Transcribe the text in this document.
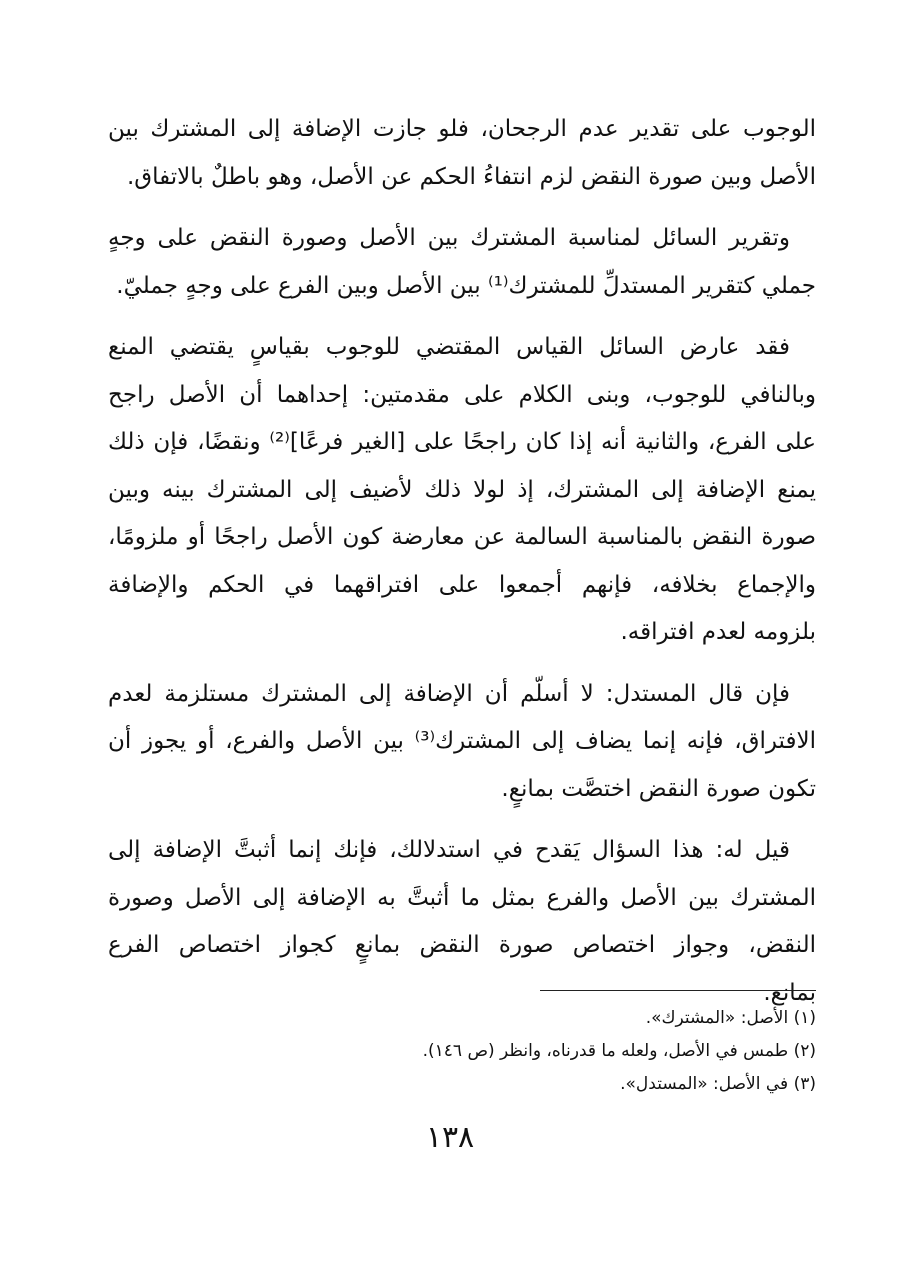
الوجوب على تقدير عدم الرجحان، فلو جازت الإضافة إلى المشترك بين
الأصل وبين صورة النقض لزم انتفاءُ الحكم عن الأصل، وهو باطلٌ بالاتفاق.
وتقرير السائل لمناسبة المشترك بين الأصل وصورة النقض على وجهٍ
جملي كتقرير المستدلِّ للمشترك⁽¹⁾ بين الأصل وبين الفرع على وجهٍ جمليّ.
فقد عارض السائل القياس المقتضي للوجوب بقياسٍ يقتضي المنع
وبالنافي للوجوب، وبنى الكلام على مقدمتين: إحداهما أن الأصل راجح
على الفرع، والثانية أنه إذا كان راجحًا على [الغير فرعًا]⁽²⁾ ونقضًا، فإن ذلك
يمنع الإضافة إلى المشترك، إذ لولا ذلك لأضيف إلى المشترك بينه وبين
صورة النقض بالمناسبة السالمة عن معارضة كون الأصل راجحًا أو ملزومًا،
والإجماع بخلافه، فإنهم أجمعوا على افتراقهما في الحكم والإضافة
بلزومه لعدم افتراقه.
فإن قال المستدل: لا أسلّم أن الإضافة إلى المشترك مستلزمة لعدم
الافتراق، فإنه إنما يضاف إلى المشترك⁽³⁾ بين الأصل والفرع، أو يجوز أن
تكون صورة النقض اختصَّت بمانعٍ.
قيل له: هذا السؤال يَقدح في استدلالك، فإنك إنما أثبتَّ الإضافة إلى
المشترك بين الأصل والفرع بمثل ما أثبتَّ به الإضافة إلى الأصل وصورة
النقض، وجواز اختصاص صورة النقض بمانعٍ كجواز اختصاص الفرع
بمانع.
(١) الأصل: «المشترك».
(٢) طمس في الأصل، ولعله ما قدرناه، وانظر (ص ١٤٦).
(٣) في الأصل: «المستدل».
١٣٨
